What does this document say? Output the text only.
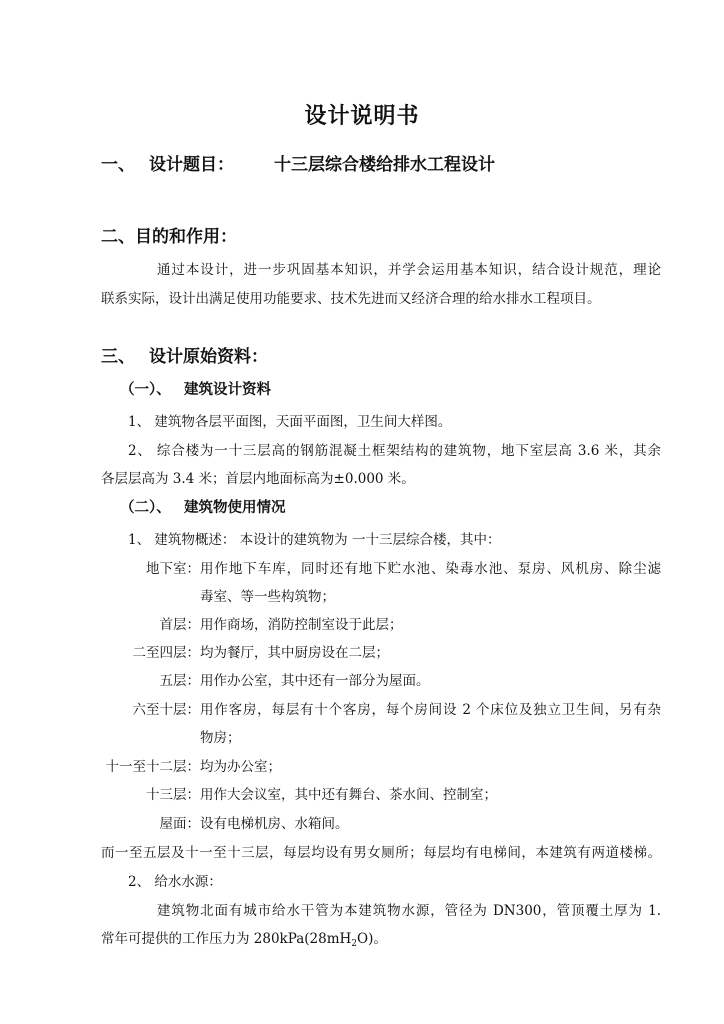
设计说明书
一、 设计题目： 十三层综合楼给排水工程设计
二、目的和作用：
通过本设计，进一步巩固基本知识，并学会运用基本知识，结合设计规范，理论
联系实际，设计出满足使用功能要求、技术先进而又经济合理的给水排水工程项目。
三、 设计原始资料：
（一）、 建筑设计资料
1、 建筑物各层平面图，天面平面图，卫生间大样图。
2、 综合楼为一十三层高的钢筋混凝土框架结构的建筑物，地下室层高 3.6 米，其余
各层层高为 3.4 米；首层内地面标高为±0.000 米。
（二）、 建筑物使用情况
1、 建筑物概述： 本设计的建筑物为 一十三层综合楼，其中：
地下室： 用作地下车库，同时还有地下贮水池、染毒水池、泵房、风机房、除尘滤
毒室、等一些构筑物；
首层： 用作商场，消防控制室设于此层；
二至四层： 均为餐厅，其中厨房设在二层；
五层： 用作办公室，其中还有一部分为屋面。
六至十层： 用作客房，每层有十个客房，每个房间设 2 个床位及独立卫生间，另有杂
物房；
十一至十二层： 均为办公室；
十三层： 用作大会议室，其中还有舞台、茶水间、控制室；
屋面： 设有电梯机房、水箱间。
而一至五层及十一至十三层，每层均设有男女厕所；每层均有电梯间，本建筑有两道楼梯。
2、 给水水源：
建筑物北面有城市给水干管为本建筑物水源，管径为 DN300，管顶覆土厚为 1.
常年可提供的工作压力为 $280kPa(28mH_2O)$。
